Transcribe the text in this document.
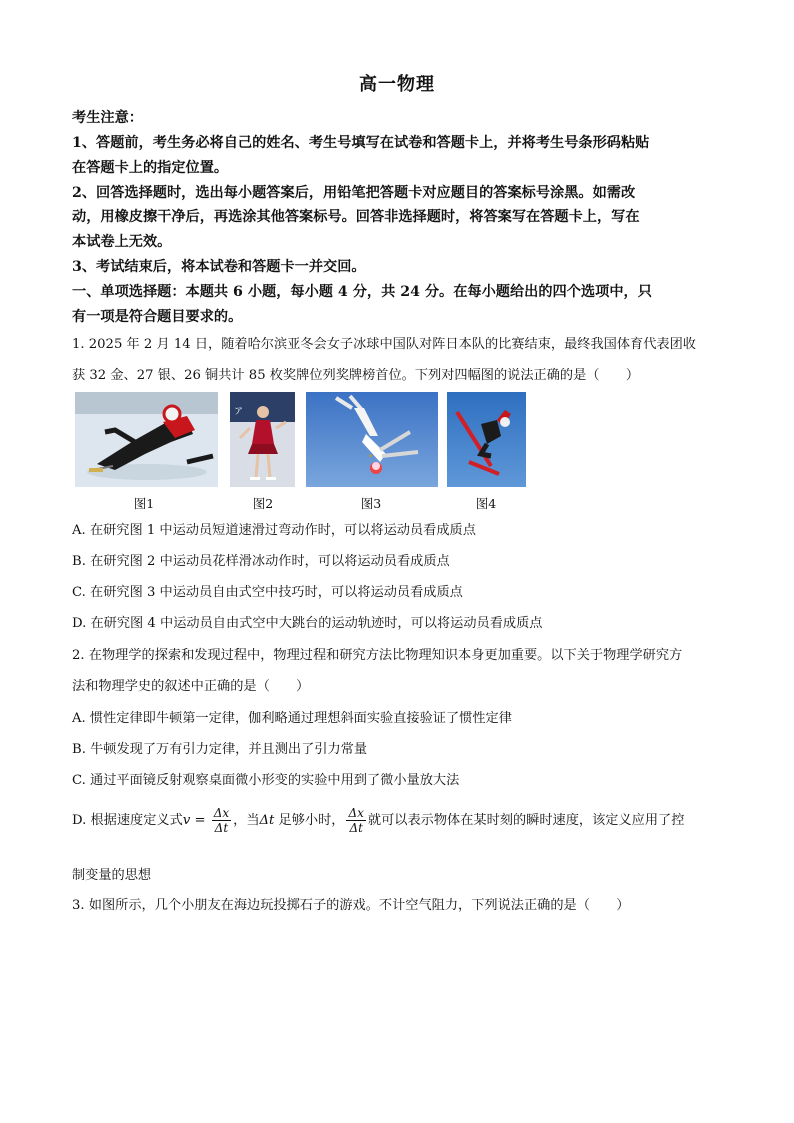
高一物理
考生注意：
1、答题前，考生务必将自己的姓名、考生号填写在试卷和答题卡上，并将考生号条形码粘贴
在答题卡上的指定位置。
2、回答选择题时，选出每小题答案后，用铅笔把答题卡对应题目的答案标号涂黑。如需改
动，用橡皮擦干净后，再选涂其他答案标号。回答非选择题时，将答案写在答题卡上，写在
本试卷上无效。
3、考试结束后，将本试卷和答题卡一并交回。
一、单项选择题：本题共 6 小题，每小题 4 分，共 24 分。在每小题给出的四个选项中，只
有一项是符合题目要求的。
1. 2025 年 2 月 14 日，随着哈尔滨亚冬会女子冰球中国队对阵日本队的比赛结束，最终我国体育代表团收
获 32 金、27 银、26 铜共计 85 枚奖牌位列奖牌榜首位。下列对四幅图的说法正确的是（　　）
ア
✦
图1	图2	图3	图4
A. 在研究图 1 中运动员短道速滑过弯动作时，可以将运动员看成质点
B. 在研究图 2 中运动员花样滑冰动作时，可以将运动员看成质点
C. 在研究图 3 中运动员自由式空中技巧时，可以将运动员看成质点
D. 在研究图 4 中运动员自由式空中大跳台的运动轨迹时，可以将运动员看成质点
2. 在物理学的探索和发现过程中，物理过程和研究方法比物理知识本身更加重要。以下关于物理学研究方
法和物理学史的叙述中正确的是（　　）
A. 惯性定律即牛顿第一定律，伽利略通过理想斜面实验直接验证了惯性定律
B. 牛顿发现了万有引力定律，并且测出了引力常量
C. 通过平面镜反射观察桌面微小形变的实验中用到了微小量放大法
D. 根据速度定义式$v = \frac{\Delta x}{\Delta t}$ ，当Δt 足够小时， $\frac{\Delta x}{\Delta t}$ 就可以表示物体在某时刻的瞬时速度，该定义应用了控
制变量的思想
3. 如图所示，几个小朋友在海边玩投掷石子的游戏。不计空气阻力，下列说法正确的是（　　）
